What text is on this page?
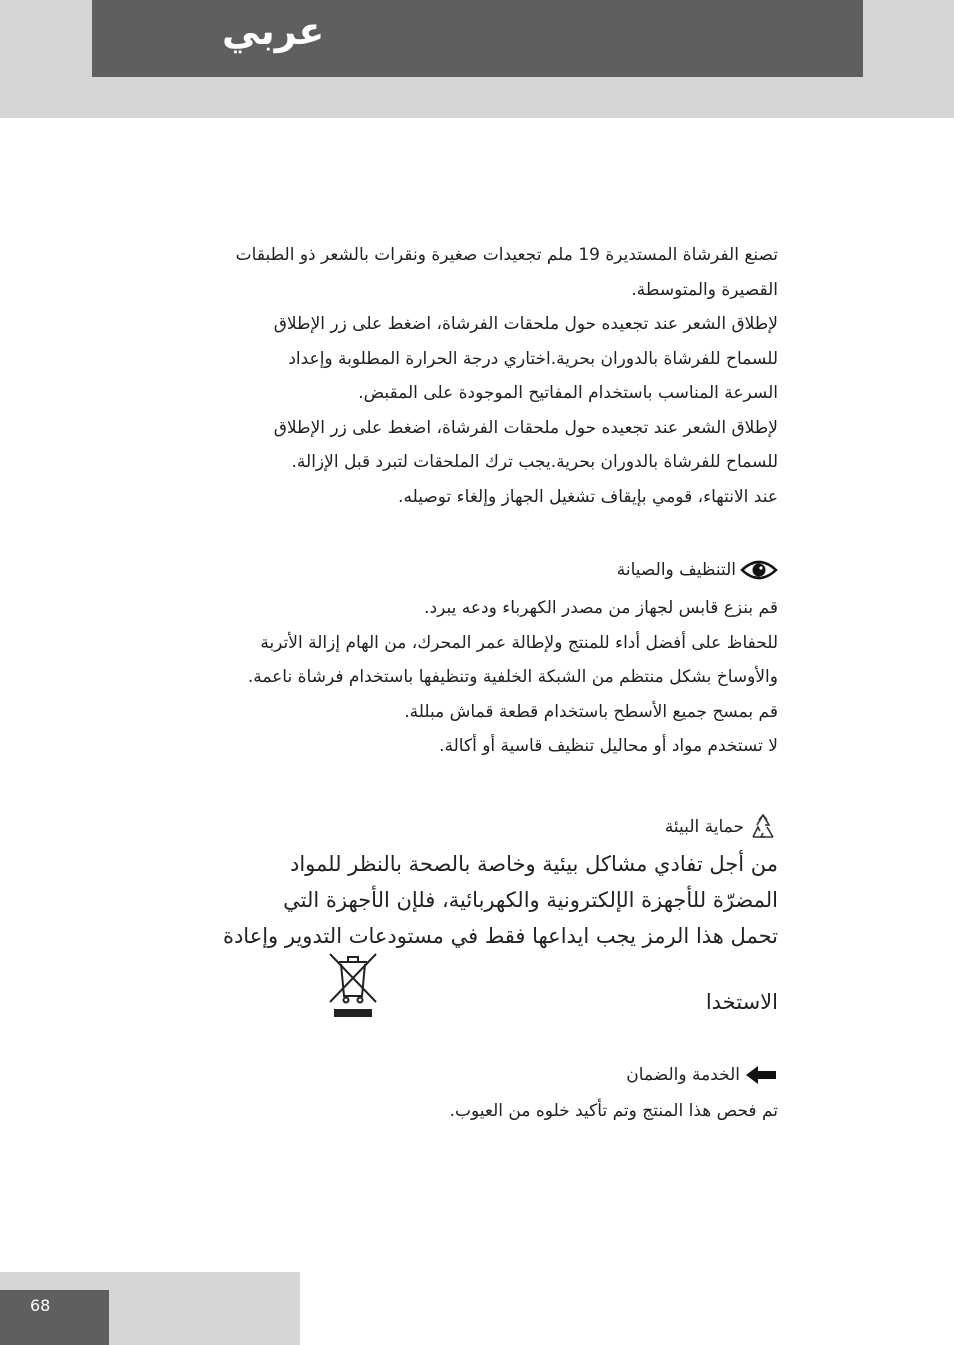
عربي

تصنع الفرشاة المستديرة 19 ملم تجعيدات صغيرة ونقرات بالشعر ذو الطبقات

القصيرة والمتوسطة.

لإطلاق الشعر عند تجعيده حول ملحقات الفرشاة، اضغط على زر الإطلاق

للسماح للفرشاة بالدوران بحرية.اختاري درجة الحرارة المطلوبة وإعداد

السرعة المناسب باستخدام المفاتيح الموجودة على المقبض.

لإطلاق الشعر عند تجعيده حول ملحقات الفرشاة، اضغط على زر الإطلاق

للسماح للفرشاة بالدوران بحرية.يجب ترك الملحقات لتبرد قبل الإزالة.

عند الانتهاء، قومي بإيقاف تشغيل الجهاز وإلغاء توصيله.

التنظيف والصيانة

قم بنزع قابس لجهاز من مصدر الكهرباء ودعه يبرد.

للحفاظ على أفضل أداء للمنتج ولإطالة عمر المحرك، من الهام إزالة الأتربة

والأوساخ بشكل منتظم من الشبكة الخلفية وتنظيفها باستخدام فرشاة ناعمة.

قم بمسح جميع الأسطح باستخدام قطعة قماش مبللة.

لا تستخدم مواد أو محاليل تنظيف قاسية أو أكالة.

حماية البيئة

من أجل تفادي مشاكل بيئية وخاصة بالصحة بالنظر للمواد

المضرّة للأجهزة الإلكترونية والكهربائية، فلإن الأجهزة التي

تحمل هذا الرمز يجب ايداعها فقط في مستودعات التدوير وإعادة

الاستخدا
الخدمة والضمان

تم فحص هذا المنتج وتم تأكيد خلوه من العيوب.

68
